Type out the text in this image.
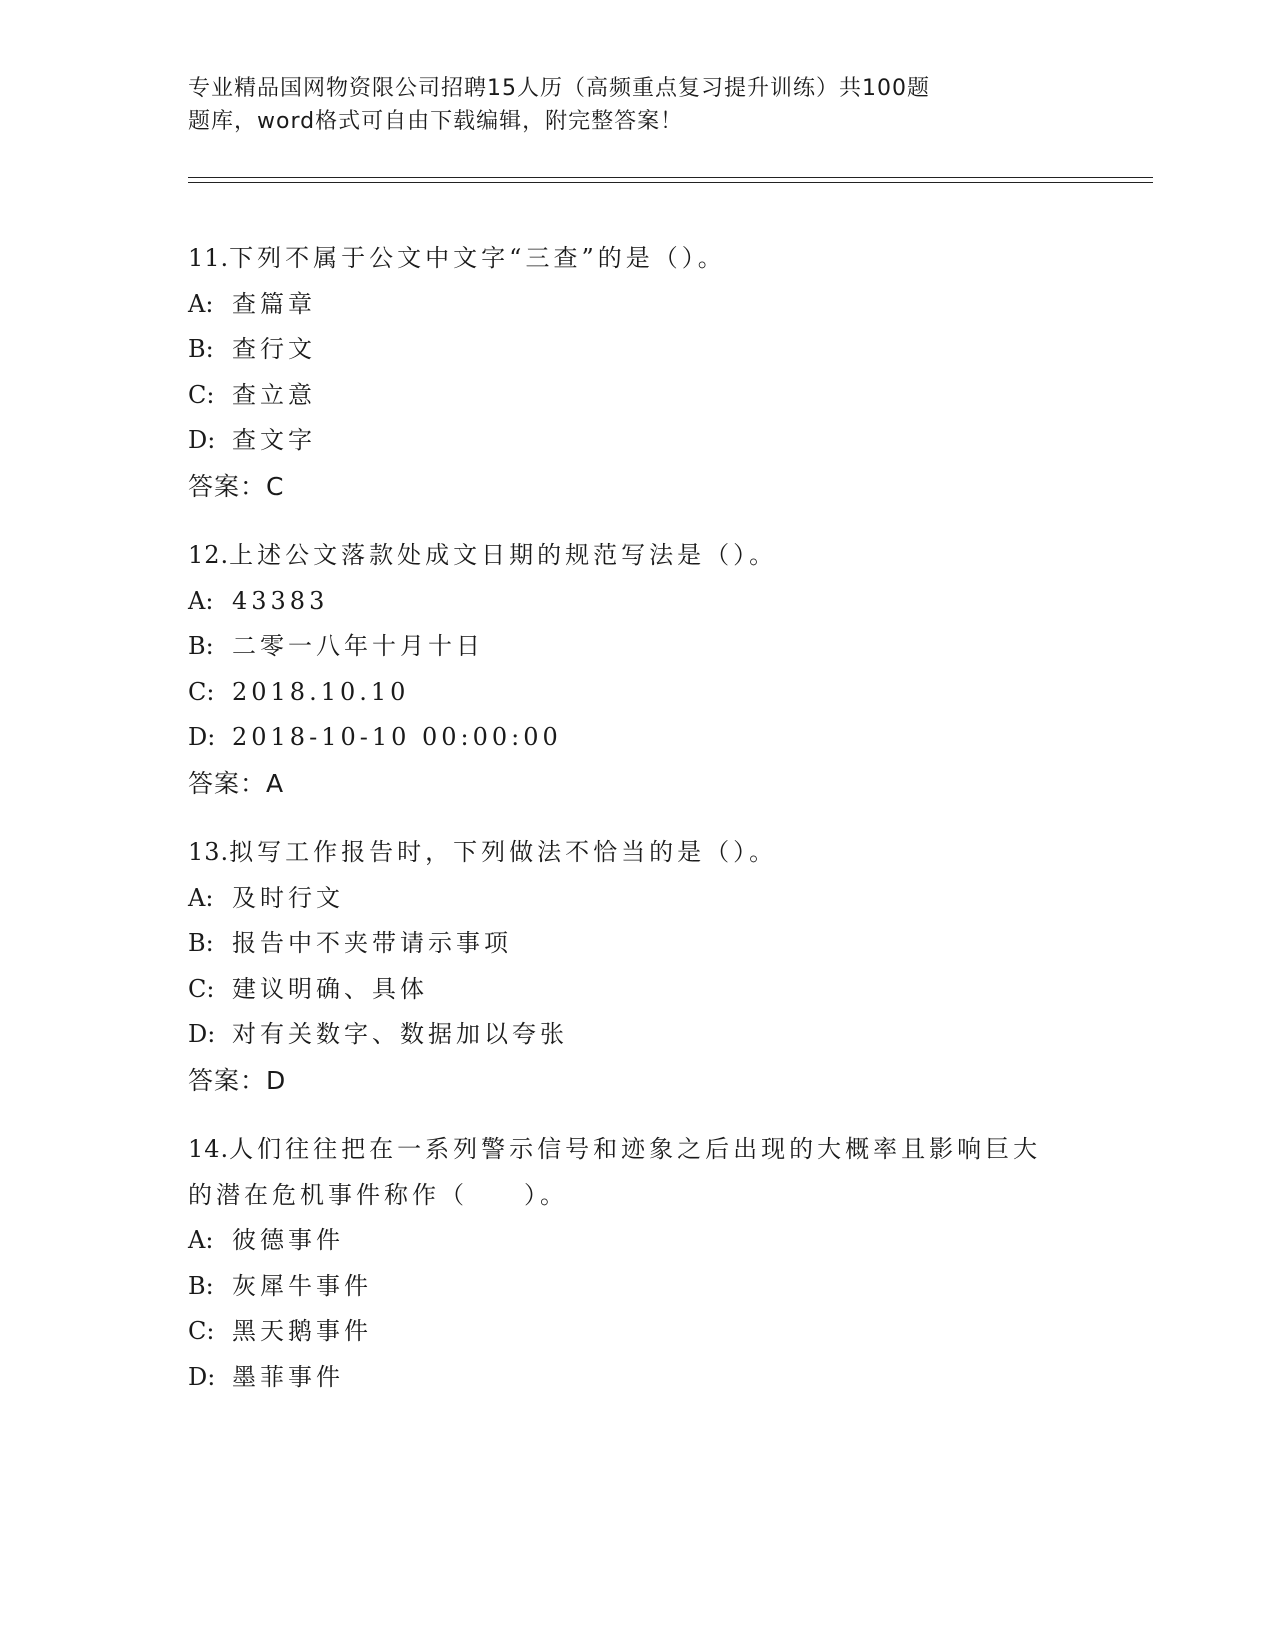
专业精品国网物资限公司招聘15人历（高频重点复习提升训练）共100题
题库，word格式可自由下载编辑，附完整答案！
11.下列不属于公文中文字“三查”的是（）。
A: 查篇章
B: 查行文
C: 查立意
D: 查文字
答案：C
12.上述公文落款处成文日期的规范写法是（）。
A: 43383
B: 二零一八年十月十日
C: 2018.10.10
D: 2018-10-10 00:00:00
答案：A
13.拟写工作报告时，下列做法不恰当的是（）。
A: 及时行文
B: 报告中不夹带请示事项
C: 建议明确、具体
D: 对有关数字、数据加以夸张
答案：D
14.人们往往把在一系列警示信号和迹象之后出现的大概率且影响巨大
的潜在危机事件称作（　　）。
A: 彼德事件
B: 灰犀牛事件
C: 黑天鹅事件
D: 墨菲事件
